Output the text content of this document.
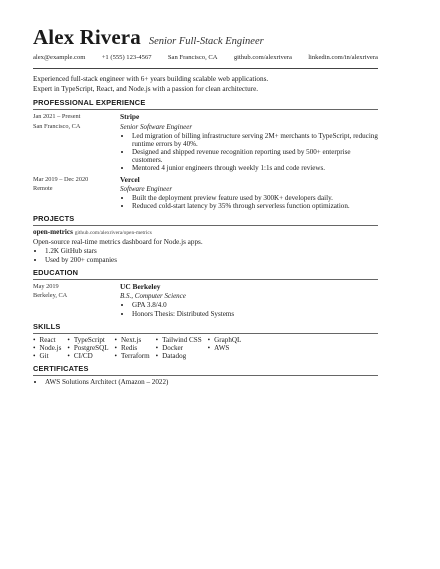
Alex Rivera Senior Full-Stack Engineer
alex@example.com +1 (555) 123-4567 San Francisco, CA github.com/alexrivera linkedin.com/in/alexrivera
Experienced full-stack engineer with 6+ years building scalable web applications.
Expert in TypeScript, React, and Node.js with a passion for clean architecture.
PROFESSIONAL EXPERIENCE
Jan 2021 – Present
San Francisco, CA
Stripe
Senior Software Engineer
• Led migration of billing infrastructure serving 2M+ merchants to TypeScript, reducing runtime errors by 40%.
• Designed and shipped revenue recognition reporting used by 500+ enterprise customers.
• Mentored 4 junior engineers through weekly 1:1s and code reviews.
Mar 2019 – Dec 2020
Remote
Vercel
Software Engineer
• Built the deployment preview feature used by 300K+ developers daily.
• Reduced cold-start latency by 35% through serverless function optimization.
PROJECTS
open-metrics github.com/alexrivera/open-metrics
Open-source real-time metrics dashboard for Node.js apps.
• 1.2K GitHub stars
• Used by 200+ companies
EDUCATION
May 2019
Berkeley, CA
UC Berkeley
B.S., Computer Science
• GPA 3.8/4.0
• Honors Thesis: Distributed Systems
SKILLS
• React
• Node.js
• Git
• TypeScript
• PostgreSQL
• CI/CD
• Next.js
• Redis
• Terraform
• Tailwind CSS
• Docker
• Datadog
• GraphQL
• AWS
CERTIFICATES
• AWS Solutions Architect (Amazon – 2022)
